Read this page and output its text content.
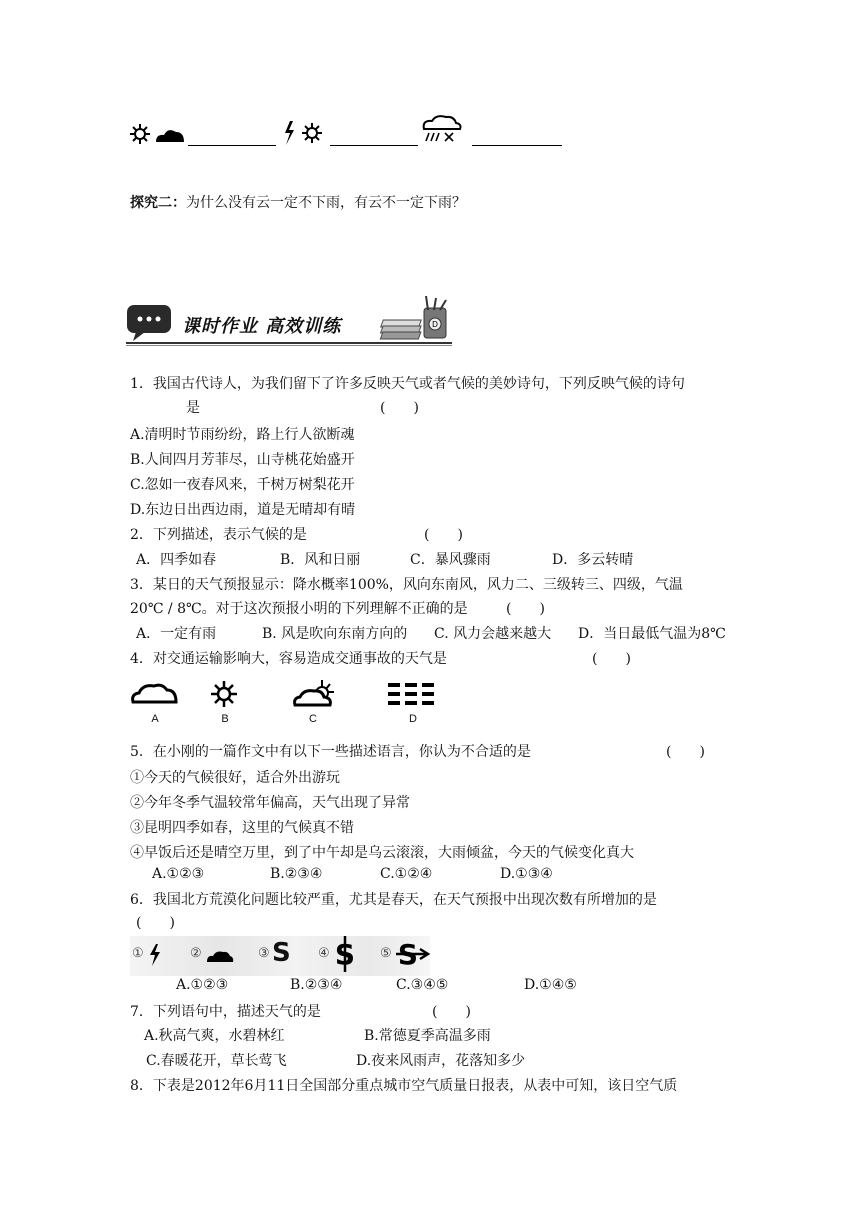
探究二：为什么没有云一定不下雨，有云不一定下雨？
课时作业 高效训练	D
1．我国古代诗人，为我们留下了许多反映天气或者气候的美妙诗句，下列反映气候的诗句
是	(　　)
A.清明时节雨纷纷，路上行人欲断魂
B.人间四月芳菲尽，山寺桃花始盛开
C.忽如一夜春风来，千树万树梨花开
D.东边日出西边雨，道是无晴却有晴
2．下列描述，表示气候的是	(　　)
A．四季如春	B．风和日丽	C．暴风骤雨	D．多云转晴
3．某日的天气预报显示：降水概率100%，风向东南风，风力二、三级转三、四级，气温
20℃ / 8℃。对于这次预报小明的下列理解不正确的是	(　　)
A．一定有雨	B. 风是吹向东南方向的 C. 风力会越来越大 D．当日最低气温为8℃
4．对交通运输影响大，容易造成交通事故的天气是	(　　)
A	B	C	D
5．在小刚的一篇作文中有以下一些描述语言，你认为不合适的是	(　　)
①今天的气候很好，适合外出游玩
②今年冬季气温较常年偏高，天气出现了异常
③昆明四季如春，这里的气候真不错
④早饭后还是晴空万里，到了中午却是乌云滚滚，大雨倾盆，今天的气候变化真大
A.①②③	B.②③④	C.①②④	D.①③④
6．我国北方荒漠化问题比较严重，尤其是春天，在天气预报中出现次数有所增加的是
(　　)
①	②	③ S ④ S ⑤ S
A.①②③	B.②③④	C.③④⑤	D.①④⑤
7．下列语句中，描述天气的是	(　　)
A.秋高气爽，水碧林红	B.常德夏季高温多雨
C.春暖花开，草长莺飞	D.夜来风雨声，花落知多少
8．下表是2012年6月11日全国部分重点城市空气质量日报表，从表中可知，该日空气质
